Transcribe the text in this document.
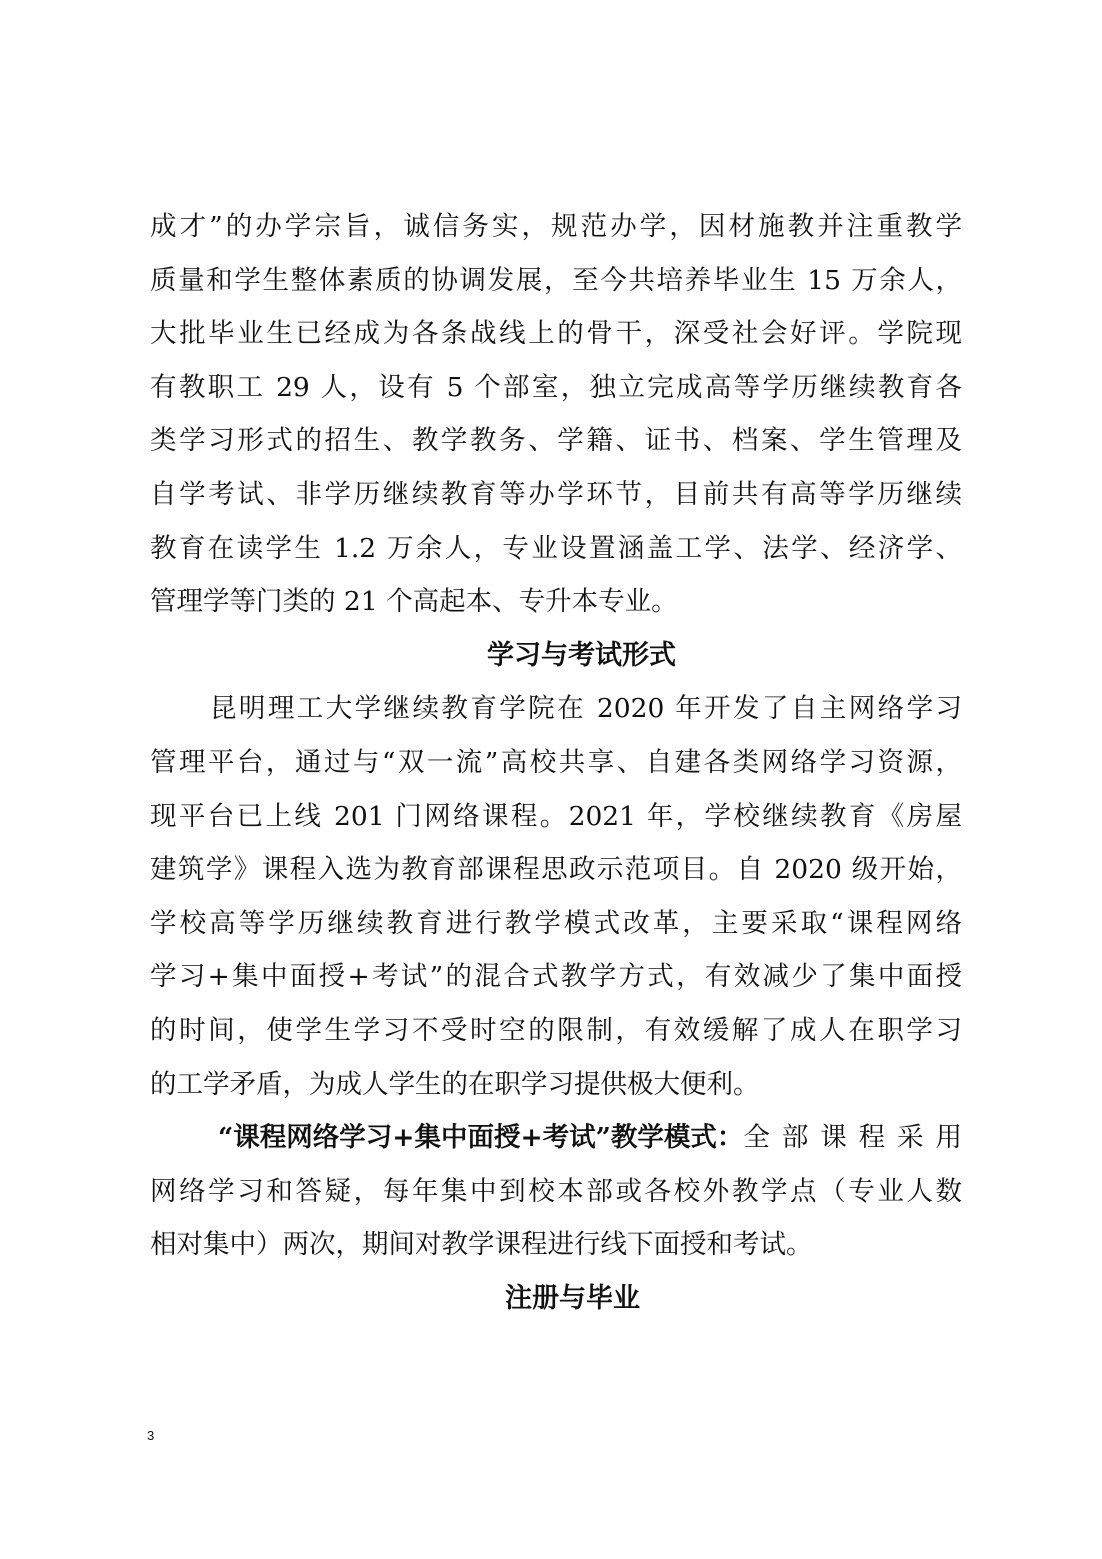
成才”的办学宗旨，诚信务实，规范办学，因材施教并注重教学
质量和学生整体素质的协调发展，至今共培养毕业生 15 万余人，
大批毕业生已经成为各条战线上的骨干，深受社会好评。学院现
有教职工 29 人，设有 5 个部室，独立完成高等学历继续教育各
类学习形式的招生、教学教务、学籍、证书、档案、学生管理及
自学考试、非学历继续教育等办学环节，目前共有高等学历继续
教育在读学生 1.2 万余人，专业设置涵盖工学、法学、经济学、
管理学等门类的 21 个高起本、专升本专业。
学习与考试形式
昆明理工大学继续教育学院在 2020 年开发了自主网络学习
管理平台，通过与“双一流”高校共享、自建各类网络学习资源，
现平台已上线 201 门网络课程。2021 年，学校继续教育《房屋
建筑学》课程入选为教育部课程思政示范项目。自 2020 级开始，
学校高等学历继续教育进行教学模式改革，主要采取“课程网络
学习+集中面授+考试”的混合式教学方式，有效减少了集中面授
的时间，使学生学习不受时空的限制，有效缓解了成人在职学习
的工学矛盾，为成人学生的在职学习提供极大便利。
“课程网络学习+集中面授+考试”教学模式： 全部课程采用
网络学习和答疑，每年集中到校本部或各校外教学点（专业人数
相对集中）两次，期间对教学课程进行线下面授和考试。
注册与毕业
3
